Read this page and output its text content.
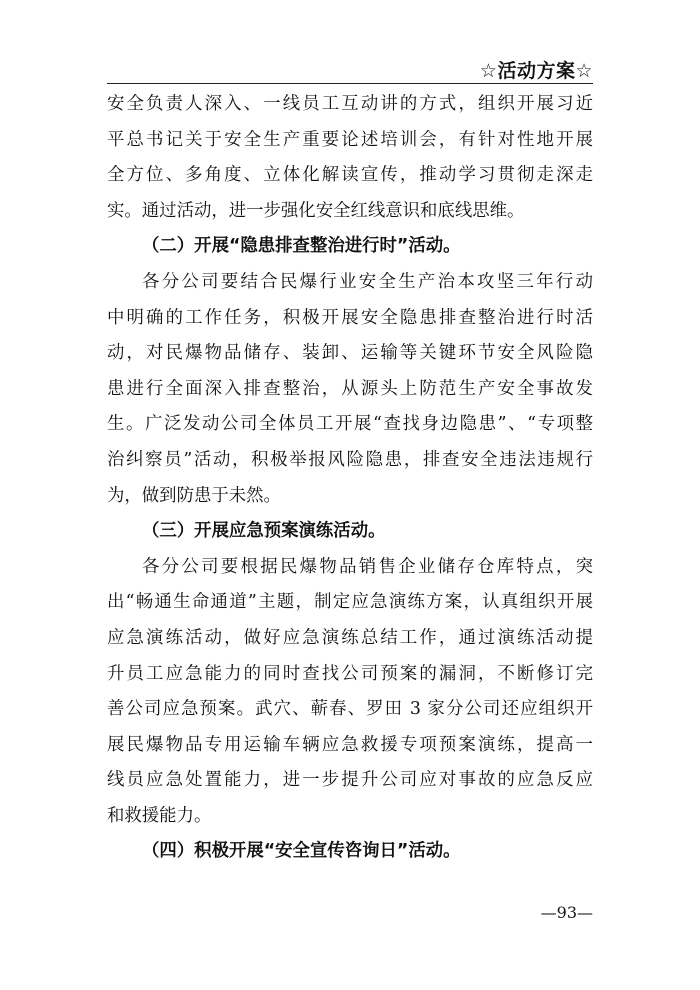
☆活动方案☆
安全负责人深入、一线员工互动讲的方式，组织开展习近
平总书记关于安全生产重要论述培训会，有针对性地开展
全方位、多角度、立体化解读宣传，推动学习贯彻走深走
实。通过活动，进一步强化安全红线意识和底线思维。
（二）开展“隐患排查整治进行时”活动。
各分公司要结合民爆行业安全生产治本攻坚三年行动
中明确的工作任务，积极开展安全隐患排查整治进行时活
动，对民爆物品储存、装卸、运输等关键环节安全风险隐
患进行全面深入排查整治，从源头上防范生产安全事故发
生。广泛发动公司全体员工开展“查找身边隐患”、“专项整
治纠察员”活动，积极举报风险隐患，排查安全违法违规行
为，做到防患于未然。
（三）开展应急预案演练活动。
各分公司要根据民爆物品销售企业储存仓库特点，突
出“畅通生命通道”主题，制定应急演练方案，认真组织开展
应急演练活动，做好应急演练总结工作，通过演练活动提
升员工应急能力的同时查找公司预案的漏洞，不断修订完
善公司应急预案。武穴、蕲春、罗田 3 家分公司还应组织开
展民爆物品专用运输车辆应急救援专项预案演练，提高一
线员应急处置能力，进一步提升公司应对事故的应急反应
和救援能力。
（四）积极开展“安全宣传咨询日”活动。
—93—
